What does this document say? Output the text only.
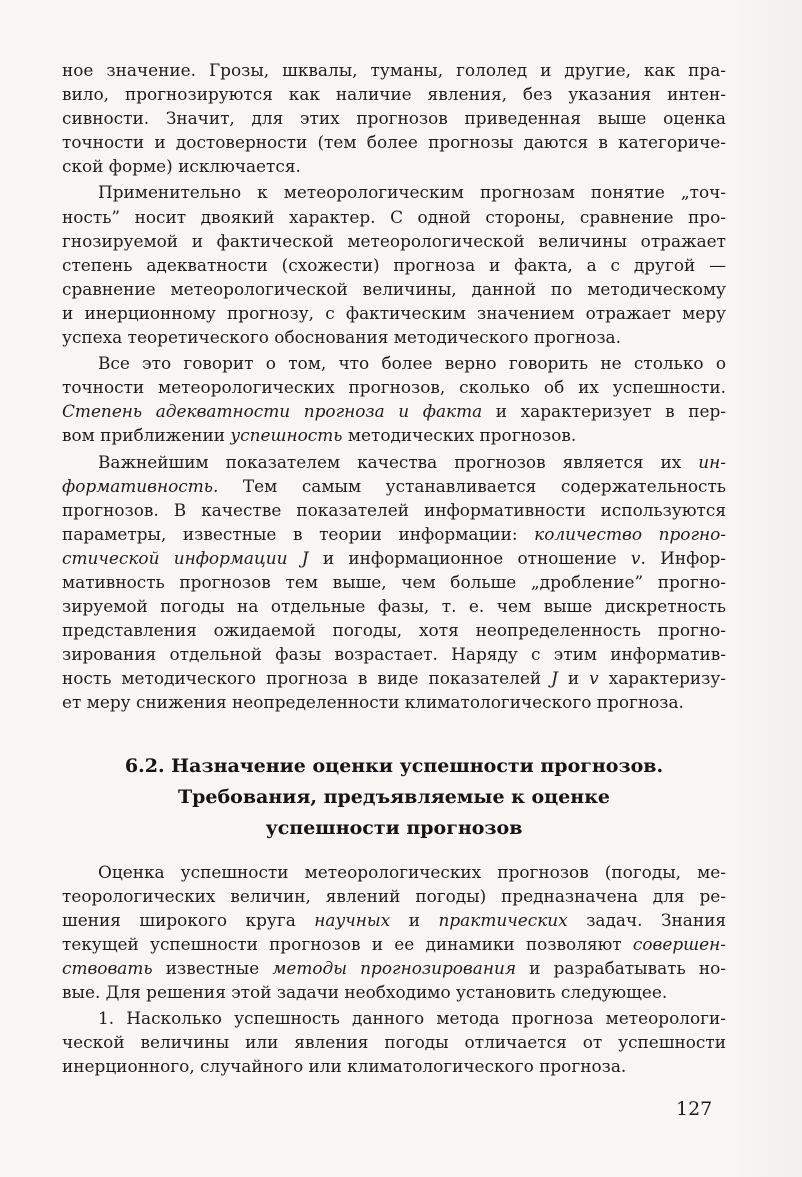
ное значение. Грозы, шквалы, туманы, гололед и другие, как пра-
вило, прогнозируются как наличие явления, без указания интен-
сивности. Значит, для этих прогнозов приведенная выше оценка
точности и достоверности (тем более прогнозы даются в категориче-
ской форме) исключается.

Применительно к метеорологическим прогнозам понятие „точ-
ность” носит двоякий характер. С одной стороны, сравнение про-
гнозируемой и фактической метеорологической величины отражает
степень адекватности (схожести) прогноза и факта, а с другой —
сравнение метеорологической величины, данной по методическому
и инерционному прогнозу, с фактическим значением отражает меру
успеха теоретического обоснования методического прогноза.

Все это говорит о том, что более верно говорить не столько о
точности метеорологических прогнозов, сколько об их успешности.
Степень адекватности прогноза и факта и характеризует в пер-
вом приближении успешность методических прогнозов.

Важнейшим показателем качества прогнозов является их ин-
формативность. Тем самым устанавливается содержательность
прогнозов. В качестве показателей информативности используются
параметры, известные в теории информации: количество прогно-
стической информации J и информационное отношение v. Инфор-
мативность прогнозов тем выше, чем больше „дробление” прогно-
зируемой погоды на отдельные фазы, т. е. чем выше дискретность
представления ожидаемой погоды, хотя неопределенность прогно-
зирования отдельной фазы возрастает. Наряду с этим информатив-
ность методического прогноза в виде показателей J и v характеризу-
ет меру снижения неопределенности климатологического прогноза.

6.2. Назначение оценки успешности прогнозов.
Требования, предъявляемые к оценке
успешности прогнозов

Оценка успешности метеорологических прогнозов (погоды, ме-
теорологических величин, явлений погоды) предназначена для ре-
шения широкого круга научных и практических задач. Знания
текущей успешности прогнозов и ее динамики позволяют совершен-
ствовать известные методы прогнозирования и разрабатывать но-
вые. Для решения этой задачи необходимо установить следующее.

1. Насколько успешность данного метода прогноза метеорологи-
ческой величины или явления погоды отличается от успешности
инерционного, случайного или климатологического прогноза.

127
